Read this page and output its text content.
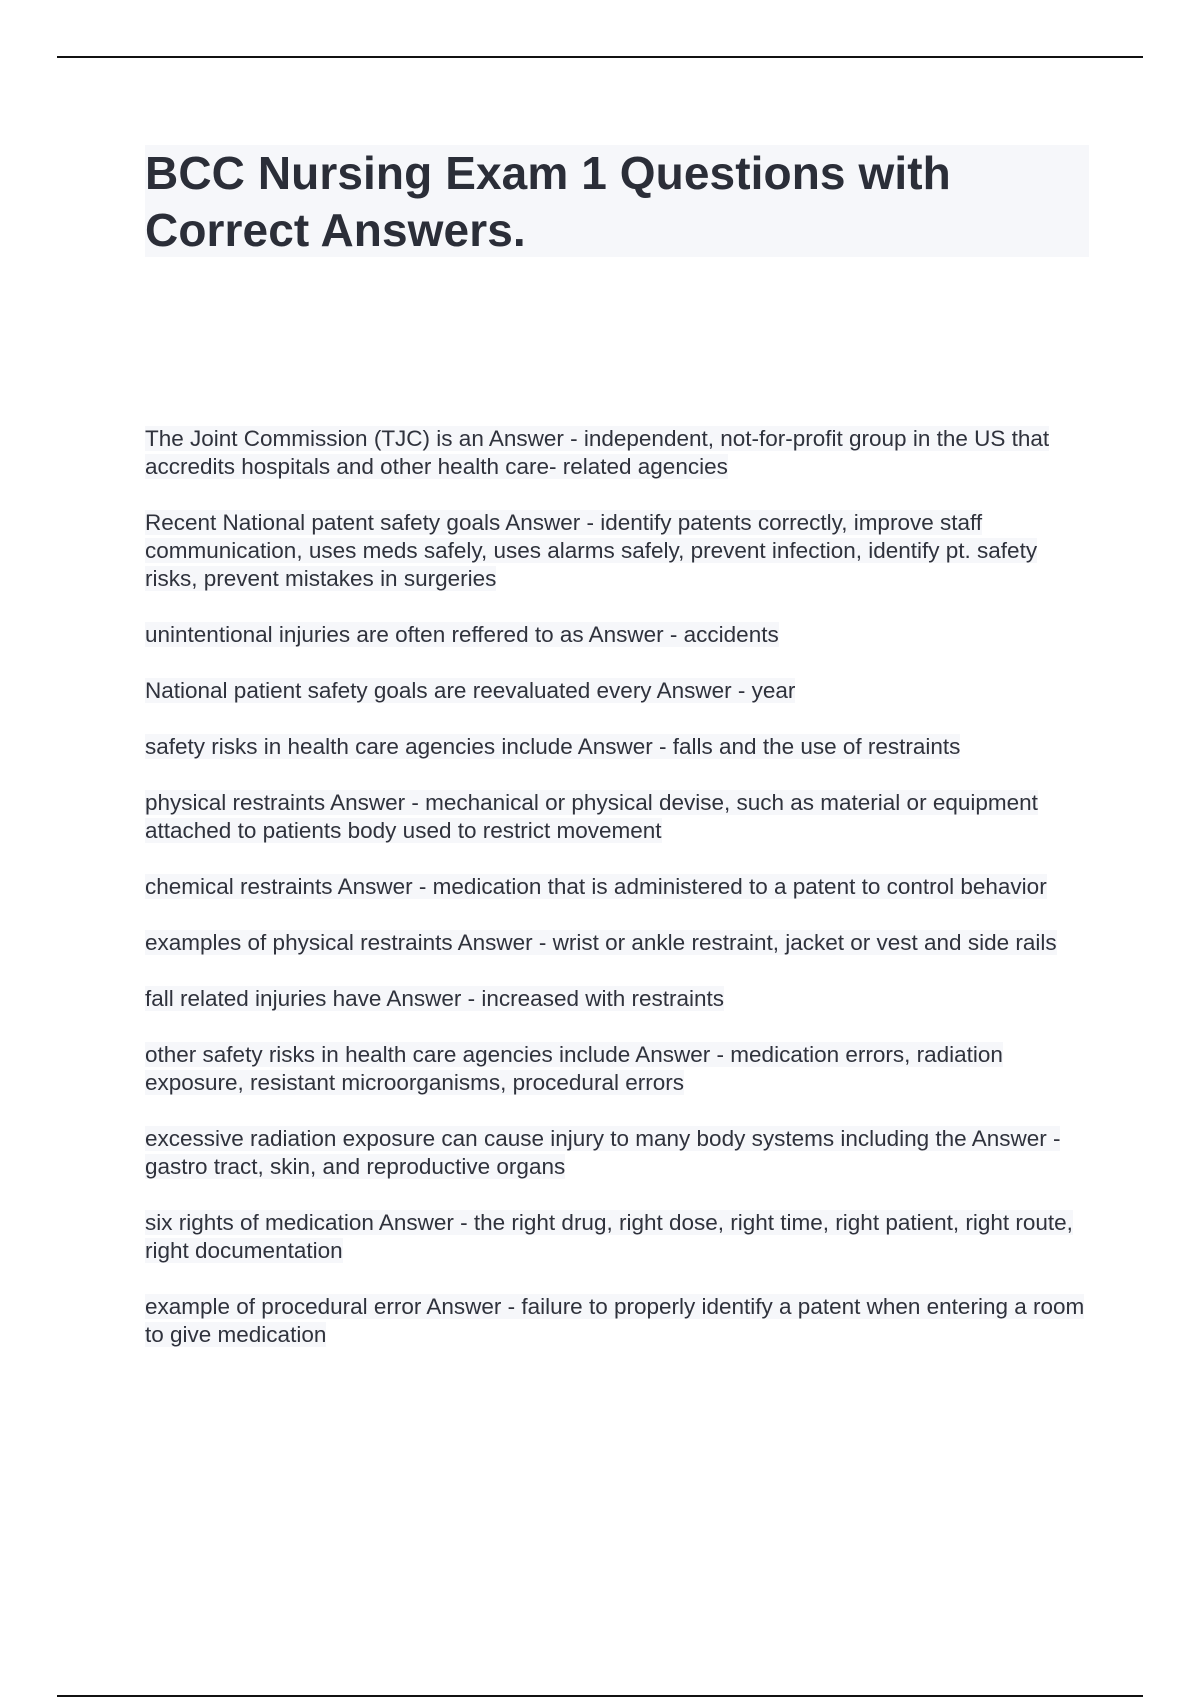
BCC Nursing Exam 1 Questions with
Correct Answers.
The Joint Commission (TJC) is an Answer - independent, not-for-profit group in the US that accredits hospitals and other health care- related agencies
Recent National patent safety goals Answer - identify patents correctly, improve staff communication, uses meds safely, uses alarms safely, prevent infection, identify pt. safety risks, prevent mistakes in surgeries
unintentional injuries are often reffered to as Answer - accidents
National patient safety goals are reevaluated every Answer - year
safety risks in health care agencies include Answer - falls and the use of restraints
physical restraints Answer - mechanical or physical devise, such as material or equipment attached to patients body used to restrict movement
chemical restraints Answer - medication that is administered to a patent to control behavior
examples of physical restraints Answer - wrist or ankle restraint, jacket or vest and side rails
fall related injuries have Answer - increased with restraints
other safety risks in health care agencies include Answer - medication errors, radiation exposure, resistant microorganisms, procedural errors
excessive radiation exposure can cause injury to many body systems including the Answer - gastro tract, skin, and reproductive organs
six rights of medication Answer - the right drug, right dose, right time, right patient, right route, right documentation
example of procedural error Answer - failure to properly identify a patent when entering a room to give medication
